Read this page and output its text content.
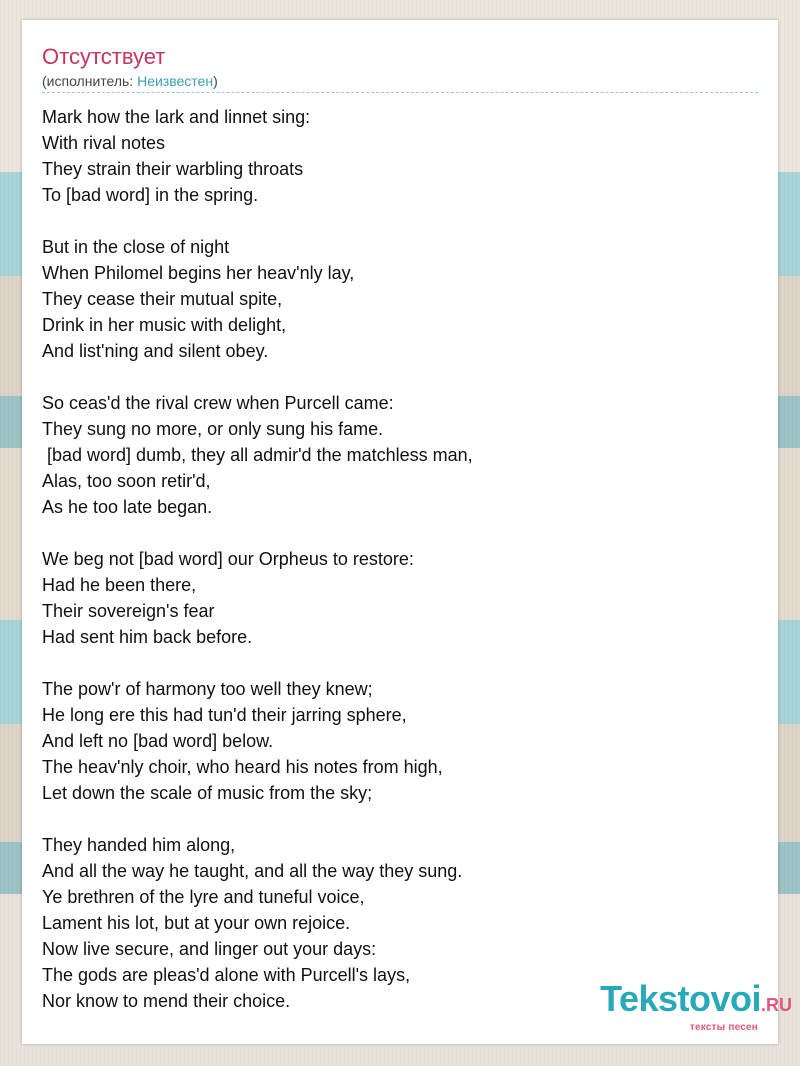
Отсутствует
(исполнитель: Неизвестен)
Mark how the lark and linnet sing:
With rival notes
They strain their warbling throats
To [bad word] in the spring.
But in the close of night
When Philomel begins her heav'nly lay,
They cease their mutual spite,
Drink in her music with delight,
And list'ning and silent obey.
So ceas'd the rival crew when Purcell came:
They sung no more, or only sung his fame.
[bad word] dumb, they all admir'd the matchless man,
Alas, too soon retir'd,
As he too late began.
We beg not [bad word] our Orpheus to restore:
Had he been there,
Their sovereign's fear
Had sent him back before.
The pow'r of harmony too well they knew;
He long ere this had tun'd their jarring sphere,
And left no [bad word] below.
The heav'nly choir, who heard his notes from high,
Let down the scale of music from the sky;
They handed him along,
And all the way he taught, and all the way they sung.
Ye brethren of the lyre and tuneful voice,
Lament his lot, but at your own rejoice.
Now live secure, and linger out your days:
The gods are pleas'd alone with Purcell's lays,
Nor know to mend their choice.	Tekstovoi.RU
тексты песен
